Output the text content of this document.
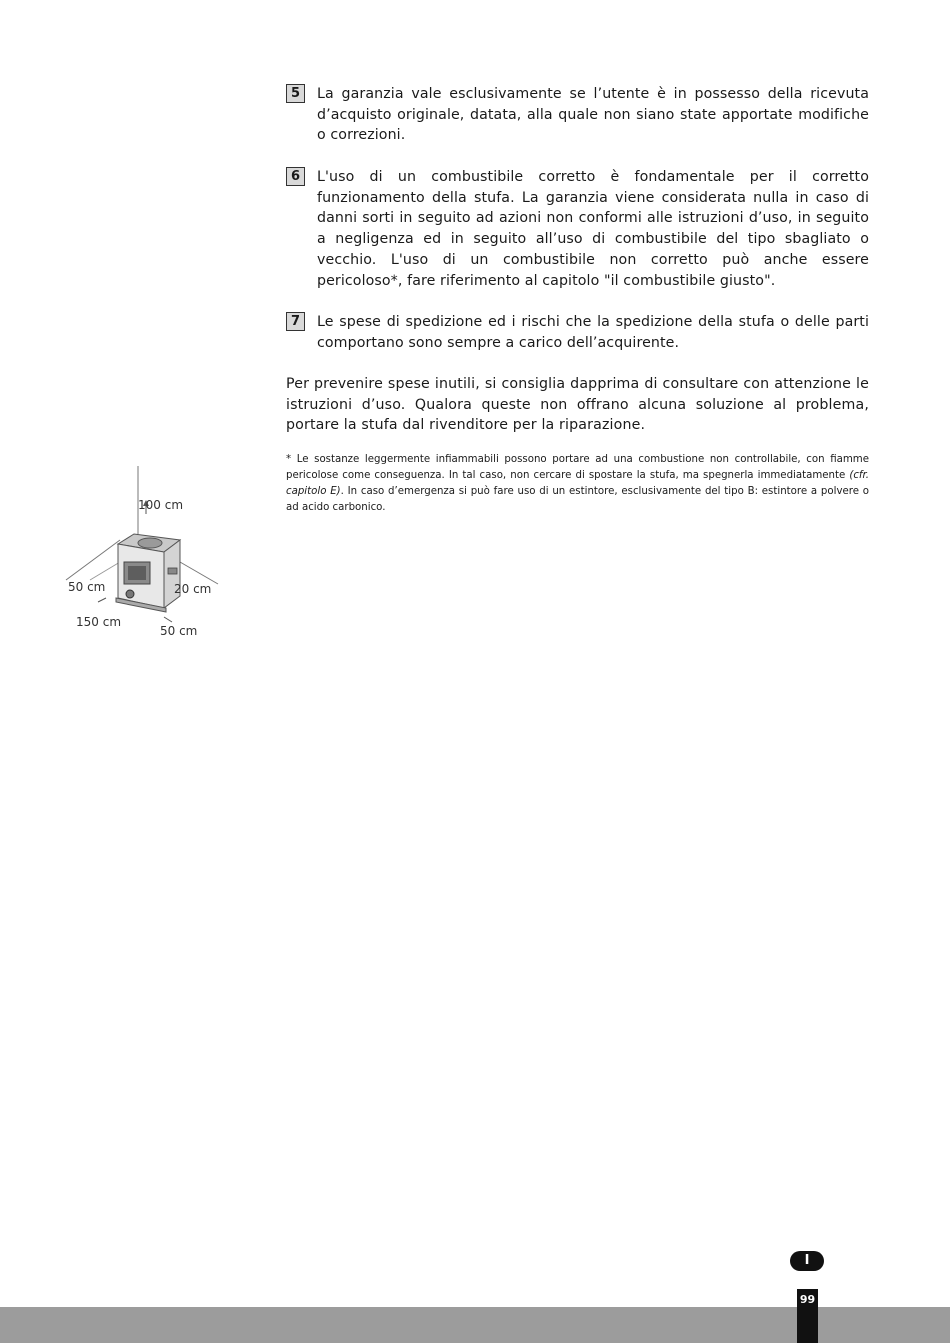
5	La garanzia vale esclusivamente se l’utente è in possesso della ricevuta d’acquisto originale, datata, alla quale non siano state apportate modifiche o correzioni.
6	L'uso di un combustibile corretto è fondamentale per il corretto funzionamento della stufa. La garanzia viene considerata nulla in caso di danni sorti in seguito ad azioni non conformi alle istruzioni d’uso, in seguito a negligenza ed in seguito all’uso di combustibile del tipo sbagliato o vecchio. L'uso di un combustibile non corretto può anche essere pericoloso*, fare riferimento al capitolo "il combustibile giusto".
7	Le spese di spedizione ed i rischi che la spedizione della stufa o delle parti comportano sono sempre a carico dell’acquirente.
Per prevenire spese inutili, si consiglia dapprima di consultare con attenzione le istruzioni d’uso. Qualora queste non offrano alcuna soluzione al problema, portare la stufa dal rivenditore per la riparazione.
* Le sostanze leggermente infiammabili possono portare ad una combustione non controllabile, con fiamme pericolose come conseguenza. In tal caso, non cercare di spostare la stufa, ma spegnerla immediatamente (cfr. capitolo E). In caso d’emergenza si può fare uso di un estintore, esclusivamente del tipo B: estintore a polvere o ad acido carbonico.
100 cm
50 cm	20 cm
150 cm
50 cm
I
99
